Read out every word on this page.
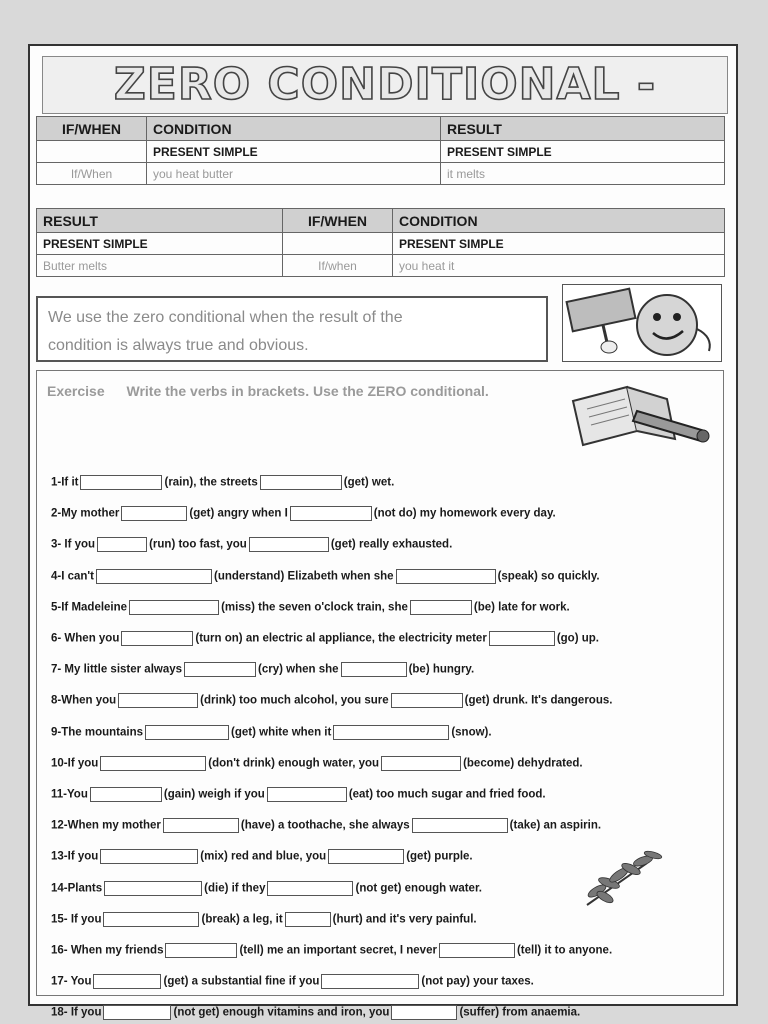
ZERO CONDITIONAL -
IF/WHEN	CONDITION	RESULT
	PRESENT SIMPLE	PRESENT SIMPLE
If/When	you heat butter	it melts
RESULT	IF/WHEN	CONDITION
PRESENT SIMPLE		PRESENT SIMPLE
Butter melts	If/when	you heat it
We use the zero conditional when the result of the
condition is always true and obvious.
Exercise Write the verbs in brackets. Use the ZERO conditional.
1-If it	(rain), the streets	(get) wet.
2-My mother	(get) angry when I	(not do) my homework every day.
3- If you	(run) too fast, you	(get) really exhausted.
4-I can't	(understand) Elizabeth when she	(speak) so quickly.
5-If Madeleine	(miss) the seven o'clock train, she	(be) late for work.
6- When you	(turn on) an electric al appliance, the electricity meter	(go) up.
7- My little sister always	(cry) when she	(be) hungry.
8-When you	(drink) too much alcohol, you sure	(get) drunk. It's dangerous.
9-The mountains	(get) white when it	(snow).
10-If you	(don't drink) enough water, you	(become) dehydrated.
11-You	(gain) weigh if you	(eat) too much sugar and fried food.
12-When my mother	(have) a toothache, she always	(take) an aspirin.
13-If you	(mix) red and blue, you	(get) purple.
14-Plants	(die) if they	(not get) enough water.
15- If you	(break) a leg, it	(hurt) and it's very painful.
16- When my friends	(tell) me an important secret, I never	(tell) it to anyone.
17- You	(get) a substantial fine if you	(not pay) your taxes.
18- If you	(not get) enough vitamins and iron, you	(suffer) from anaemia.
